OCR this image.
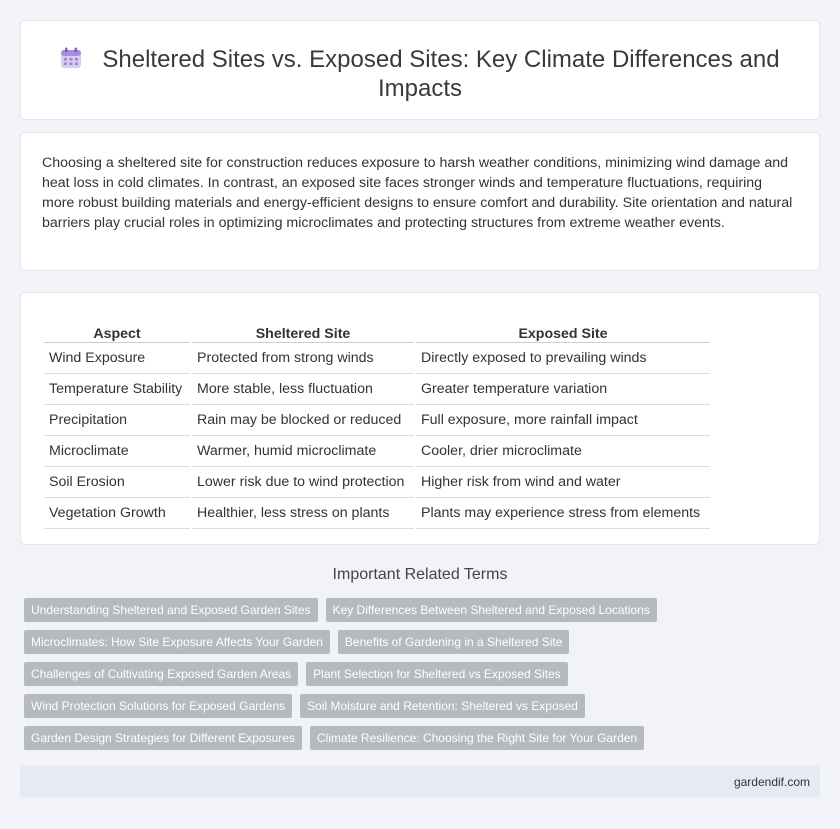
Sheltered Sites vs. Exposed Sites: Key Climate Differences and Impacts

Choosing a sheltered site for construction reduces exposure to harsh weather conditions, minimizing wind damage and heat loss in cold climates. In contrast, an exposed site faces stronger winds and temperature fluctuations, requiring more robust building materials and energy-efficient designs to ensure comfort and durability. Site orientation and natural barriers play crucial roles in optimizing microclimates and protecting structures from extreme weather events.

Aspect	Sheltered Site	Exposed Site
Wind Exposure	Protected from strong winds	Directly exposed to prevailing winds
Temperature Stability	More stable, less fluctuation	Greater temperature variation
Precipitation	Rain may be blocked or reduced	Full exposure, more rainfall impact
Microclimate	Warmer, humid microclimate	Cooler, drier microclimate
Soil Erosion	Lower risk due to wind protection	Higher risk from wind and water
Vegetation Growth	Healthier, less stress on plants	Plants may experience stress from elements
Important Related Terms
Understanding Sheltered and Exposed Garden Sites	Key Differences Between Sheltered and Exposed Locations
Microclimates: How Site Exposure Affects Your Garden	Benefits of Gardening in a Sheltered Site
Challenges of Cultivating Exposed Garden Areas	Plant Selection for Sheltered vs Exposed Sites
Wind Protection Solutions for Exposed Gardens	Soil Moisture and Retention: Sheltered vs Exposed
Garden Design Strategies for Different Exposures	Climate Resilience: Choosing the Right Site for Your Garden
gardendif.com
